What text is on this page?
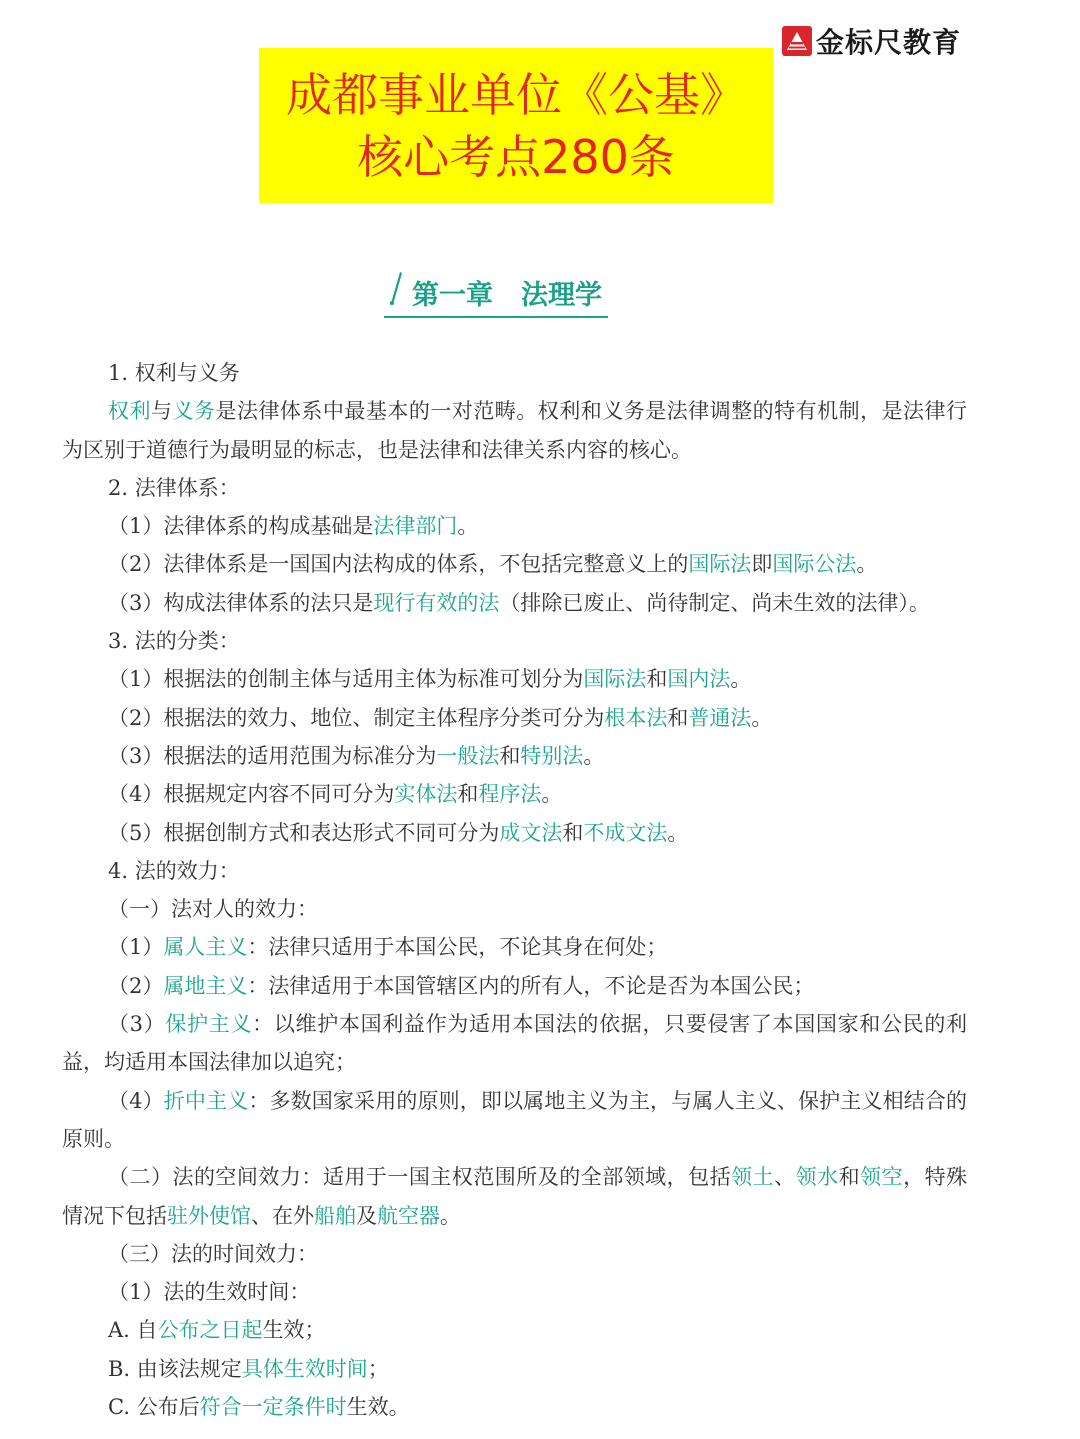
金标尺教育
成都事业单位《公基》
核心考点280条
第一章 法理学

1. 权利与义务

权利与义务是法律体系中最基本的一对范畴。权利和义务是法律调整的特有机制，是法律行为区别于道德行为最明显的标志，也是法律和法律关系内容的核心。

2. 法律体系：

（1）法律体系的构成基础是法律部门。

（2）法律体系是一国国内法构成的体系，不包括完整意义上的国际法即国际公法。

（3）构成法律体系的法只是现行有效的法（排除已废止、尚待制定、尚未生效的法律）。

3. 法的分类：

（1）根据法的创制主体与适用主体为标准可划分为国际法和国内法。

（2）根据法的效力、地位、制定主体程序分类可分为根本法和普通法。

（3）根据法的适用范围为标准分为一般法和特别法。

（4）根据规定内容不同可分为实体法和程序法。

（5）根据创制方式和表达形式不同可分为成文法和不成文法。

4. 法的效力：

（一）法对人的效力：

（1）属人主义：法律只适用于本国公民，不论其身在何处；

（2）属地主义：法律适用于本国管辖区内的所有人，不论是否为本国公民；

（3）保护主义：以维护本国利益作为适用本国法的依据，只要侵害了本国国家和公民的利益，均适用本国法律加以追究；

（4）折中主义：多数国家采用的原则，即以属地主义为主，与属人主义、保护主义相结合的原则。

（二）法的空间效力：适用于一国主权范围所及的全部领域，包括领土、领水和领空，特殊情况下包括驻外使馆、在外船舶及航空器。

（三）法的时间效力：

（1）法的生效时间：

A. 自公布之日起生效；

B. 由该法规定具体生效时间；

C. 公布后符合一定条件时生效。
